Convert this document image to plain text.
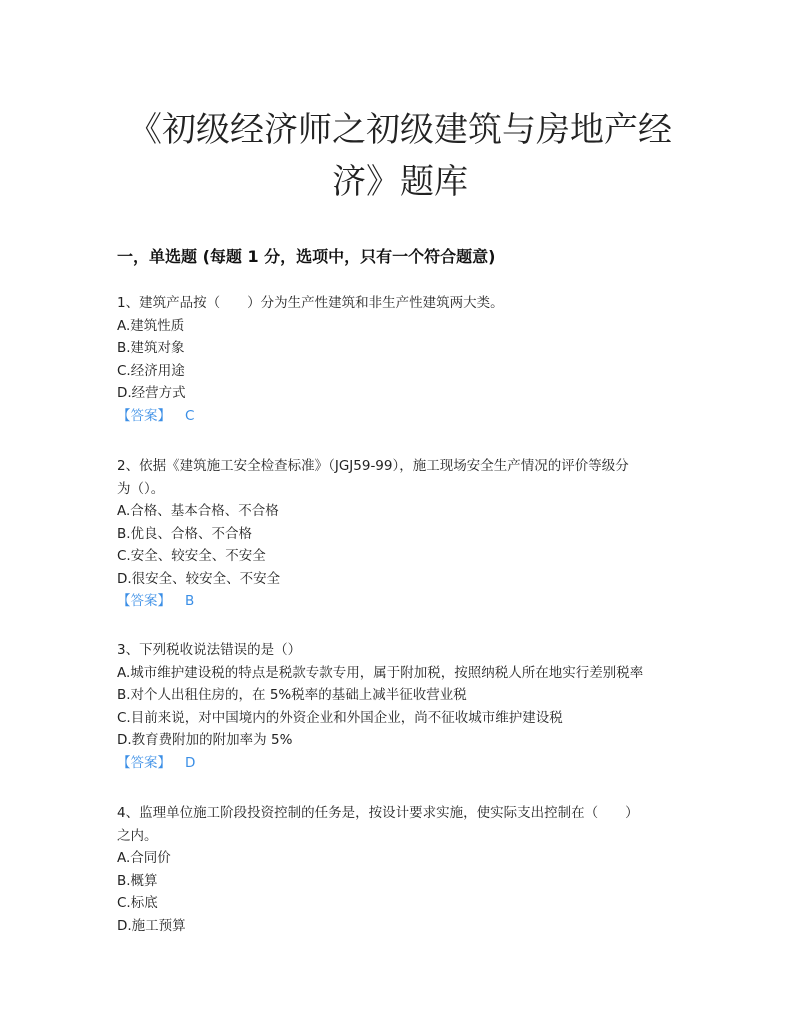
《初级经济师之初级建筑与房地产经
济》题库
一，单选题 (每题 1 分，选项中，只有一个符合题意)

1、建筑产品按（　　）分为生产性建筑和非生产性建筑两大类。

A.建筑性质

B.建筑对象

C.经济用途

D.经营方式

【答案】 C

2、依据《建筑施工安全检查标准》（JGJ59-99），施工现场安全生产情况的评价等级分

为（）。

A.合格、基本合格、不合格

B.优良、合格、不合格

C.安全、较安全、不安全

D.很安全、较安全、不安全

【答案】 B

3、下列税收说法错误的是（）

A.城市维护建设税的特点是税款专款专用，属于附加税，按照纳税人所在地实行差别税率

B.对个人出租住房的，在 5%税率的基础上减半征收营业税

C.目前来说，对中国境内的外资企业和外国企业，尚不征收城市维护建设税

D.教育费附加的附加率为 5%

【答案】 D

4、监理单位施工阶段投资控制的任务是，按设计要求实施，使实际支出控制在（　　）

之内。

A.合同价

B.概算

C.标底

D.施工预算
